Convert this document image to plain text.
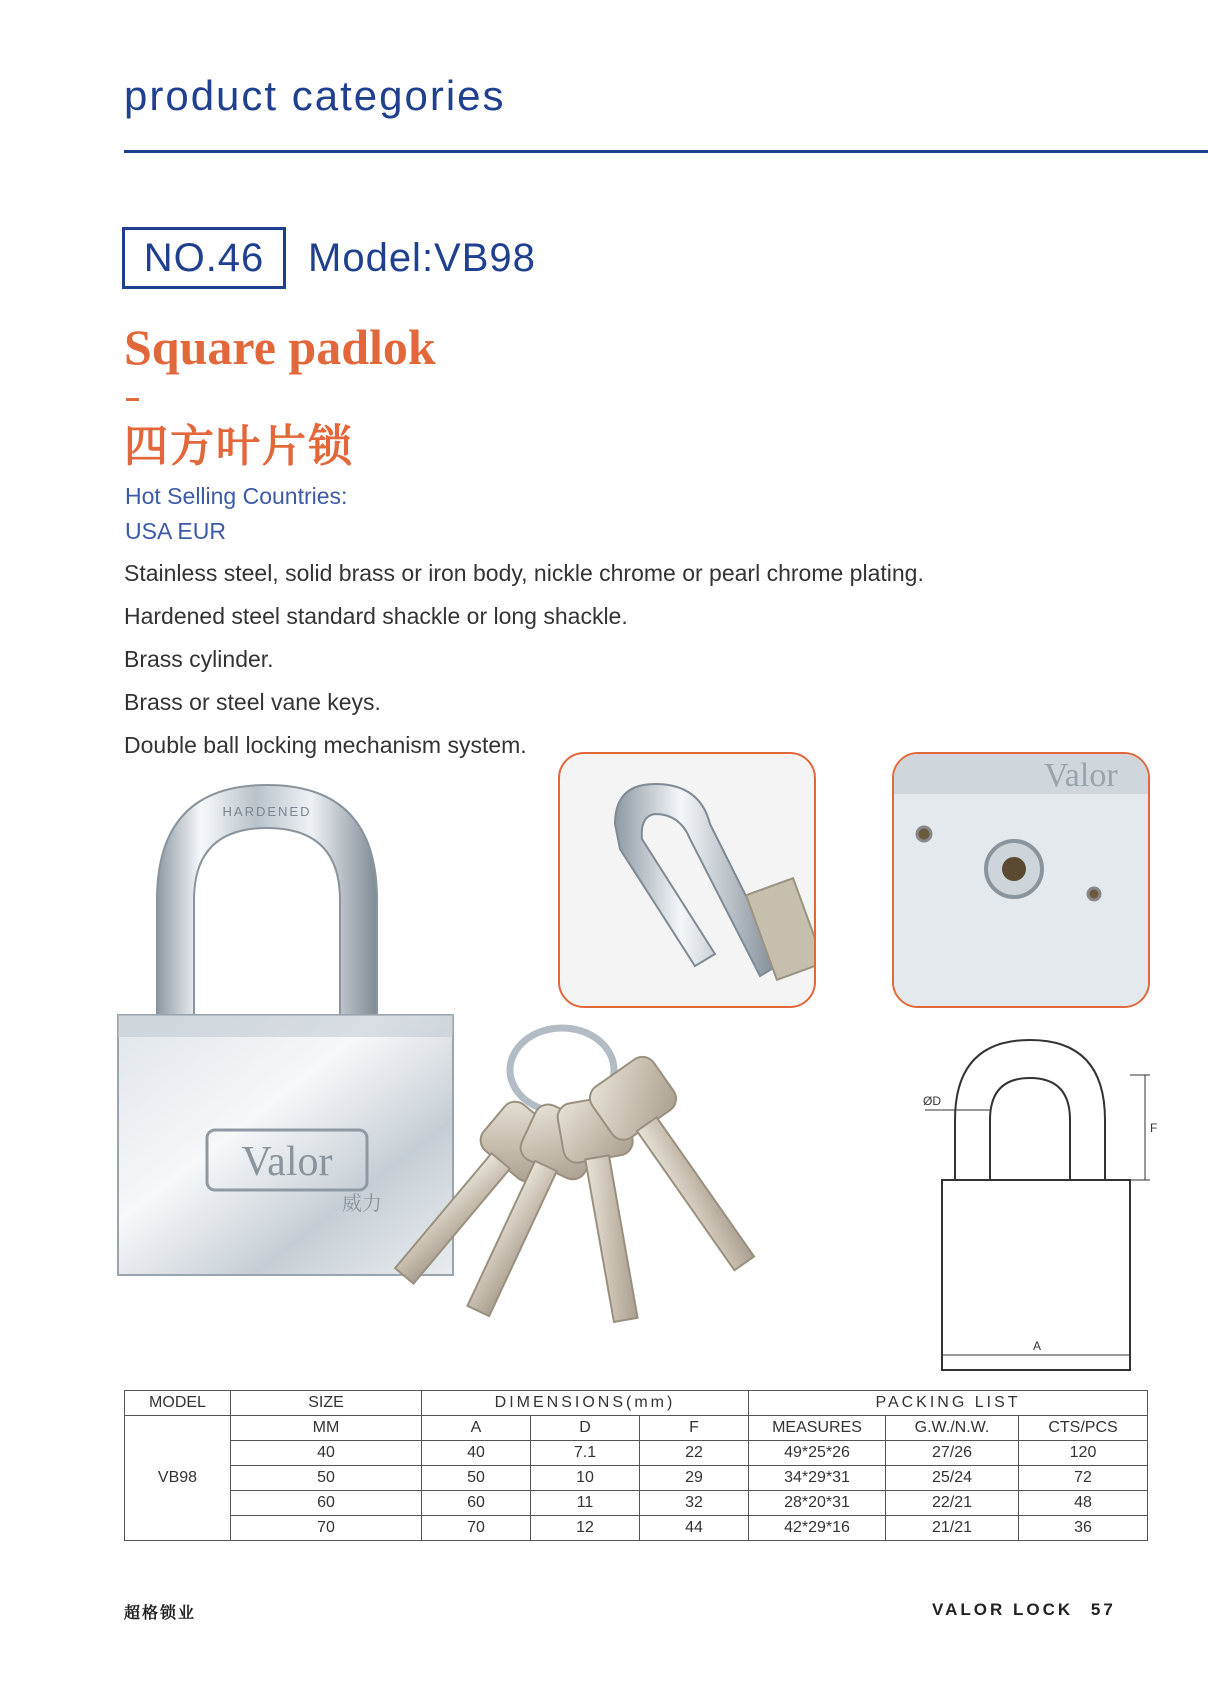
product categories
NO.46	Model:VB98
Square padlok
四方叶片锁
Hot Selling Countries:
USA EUR
Stainless steel, solid brass or iron body, nickle chrome or pearl chrome plating.
Hardened steel standard shackle or long shackle.
Brass cylinder.
Brass or steel vane keys.
Double ball locking mechanism system.
HARDENED
Valor
威力
Valor
ØD
F
A
MODEL	SIZE	DIMENSIONS(mm)			PACKING LIST		
VB98	MM	A	D	F	MEASURES	G.W./N.W.	CTS/PCS
	40	40	7.1	22	49*25*26	27/26	120
	50	50	10	29	34*29*31	25/24	72
	60	60	11	32	28*20*31	22/21	48
	70	70	12	44	42*29*16	21/21	36
超格锁业	VALOR LOCK 57
